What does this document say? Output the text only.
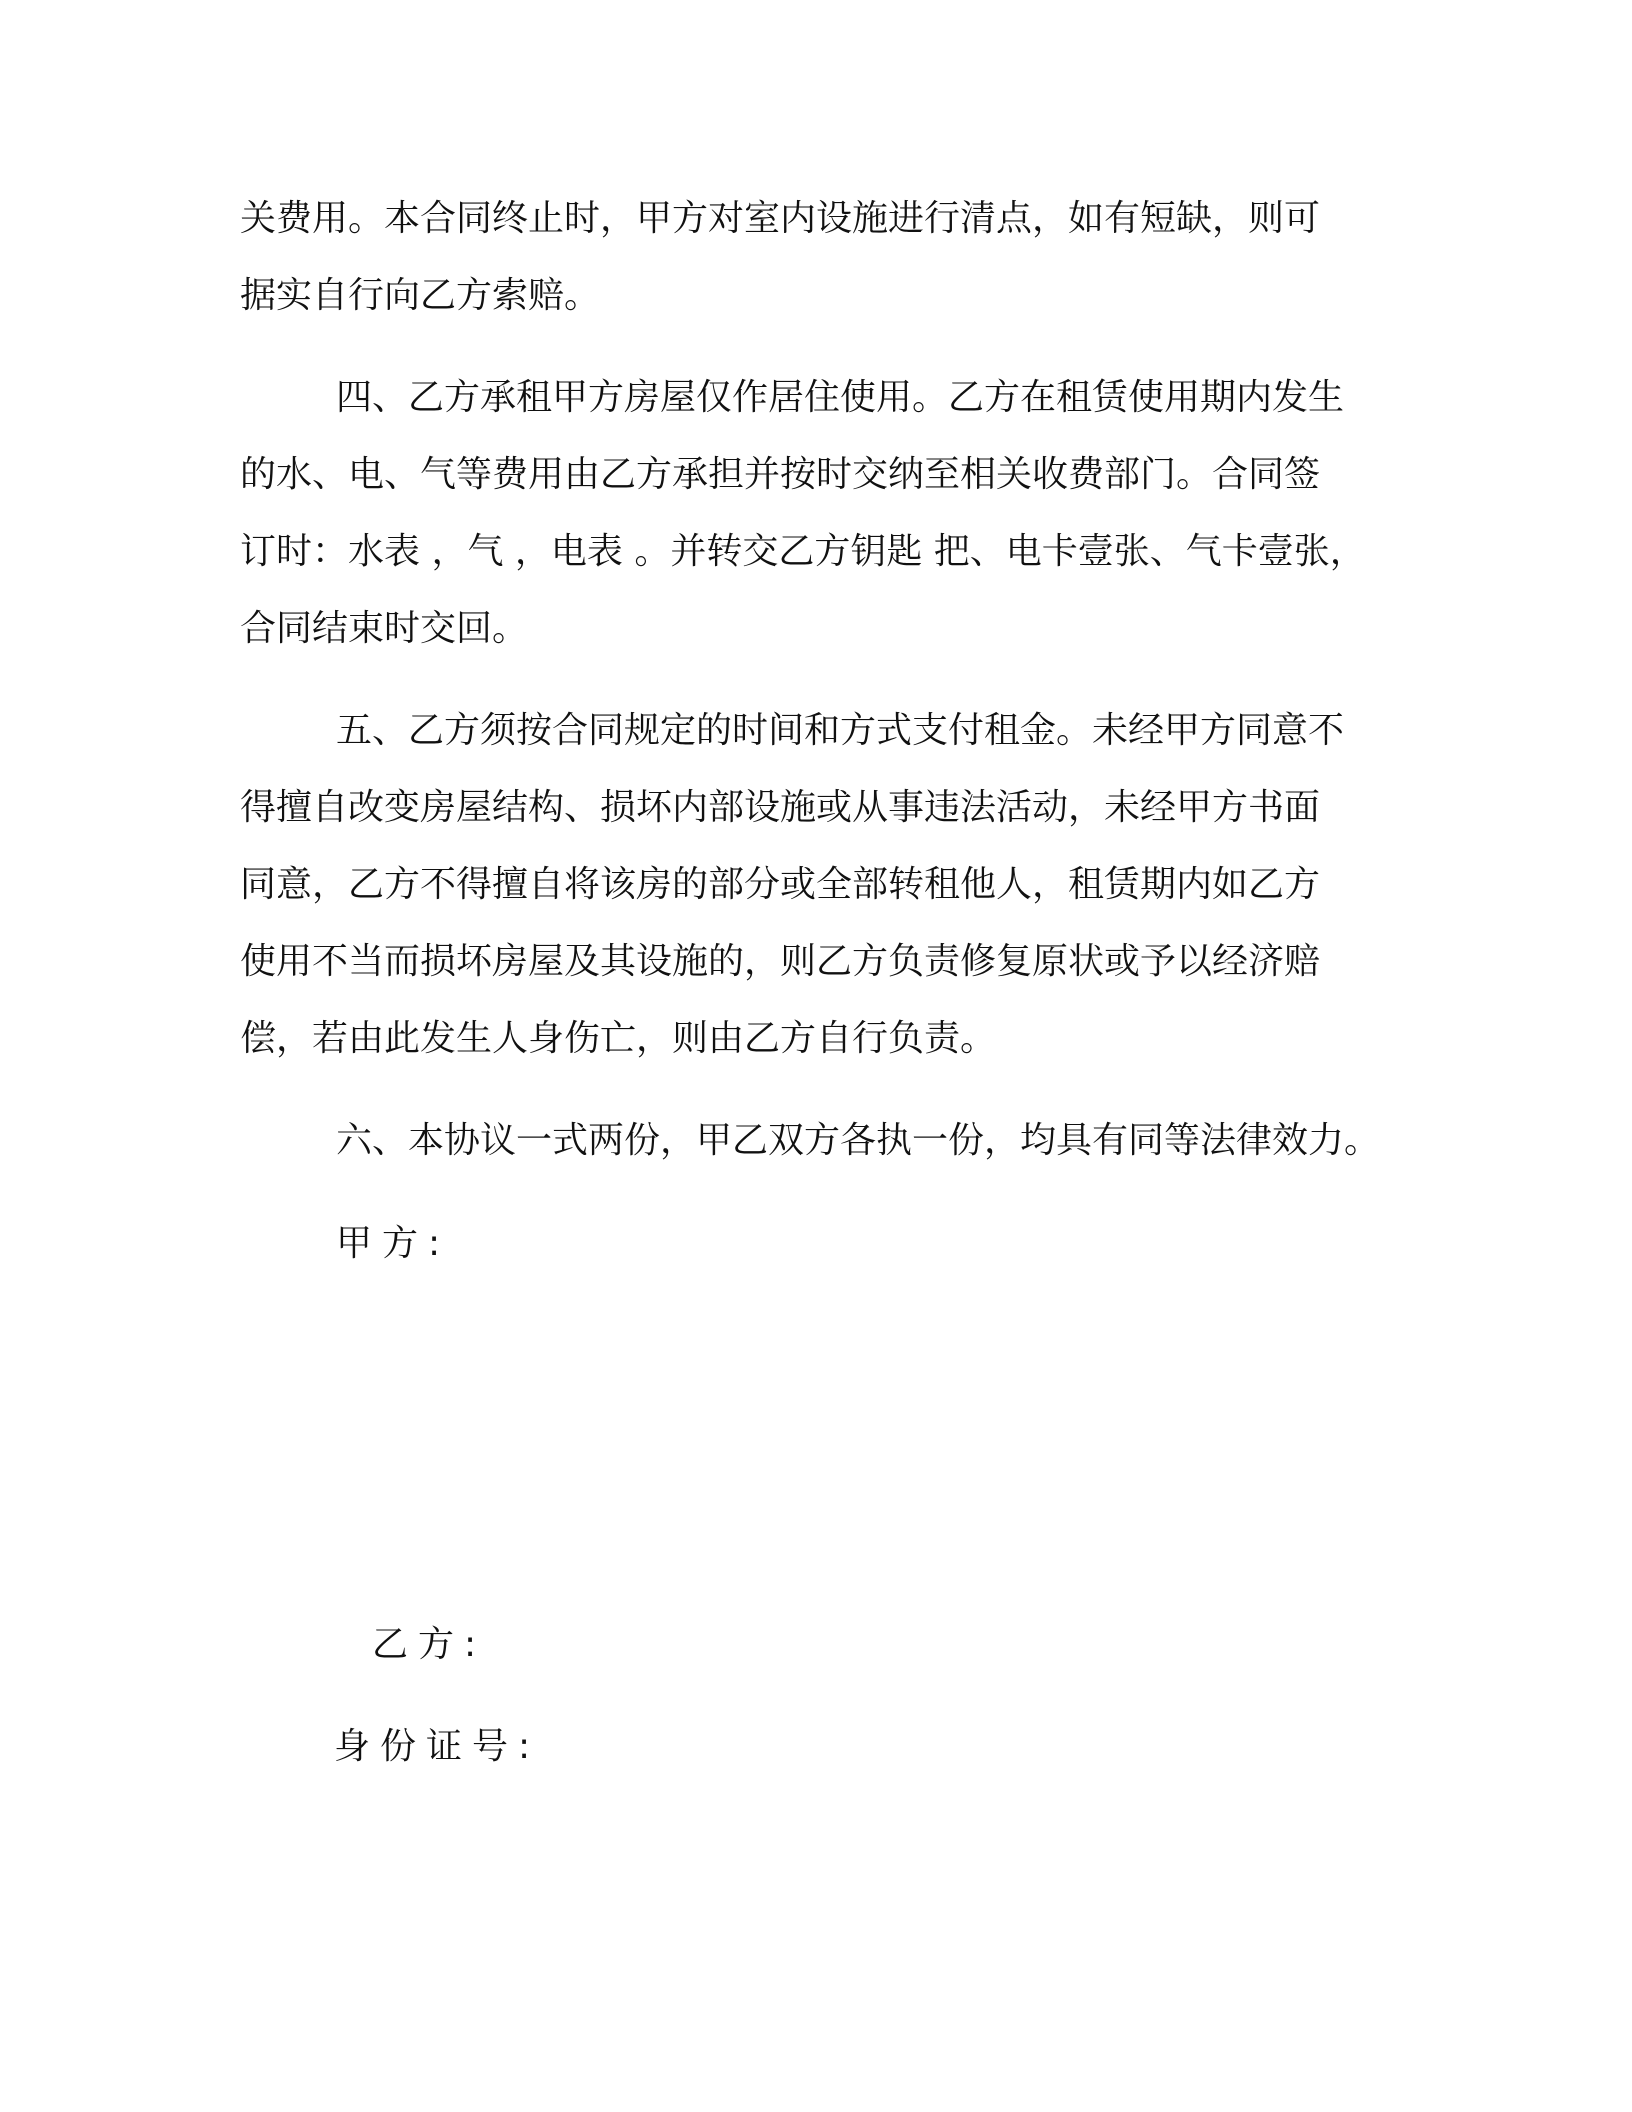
关费用。本合同终止时，甲方对室内设施进行清点，如有短缺，则可

据实自行向乙方索赔。

四、乙方承租甲方房屋仅作居住使用。乙方在租赁使用期内发生

的水、电、气等费用由乙方承担并按时交纳至相关收费部门。合同签

订时：水表 ，气 ，电表 。并转交乙方钥匙 把、电卡壹张、气卡壹张，

合同结束时交回。

五、乙方须按合同规定的时间和方式支付租金。未经甲方同意不

得擅自改变房屋结构、损坏内部设施或从事违法活动，未经甲方书面

同意，乙方不得擅自将该房的部分或全部转租他人，租赁期内如乙方

使用不当而损坏房屋及其设施的，则乙方负责修复原状或予以经济赔

偿，若由此发生人身伤亡，则由乙方自行负责。

六、本协议一式两份，甲乙双方各执一份，均具有同等法律效力。

甲方:

乙方:

身份证号:
